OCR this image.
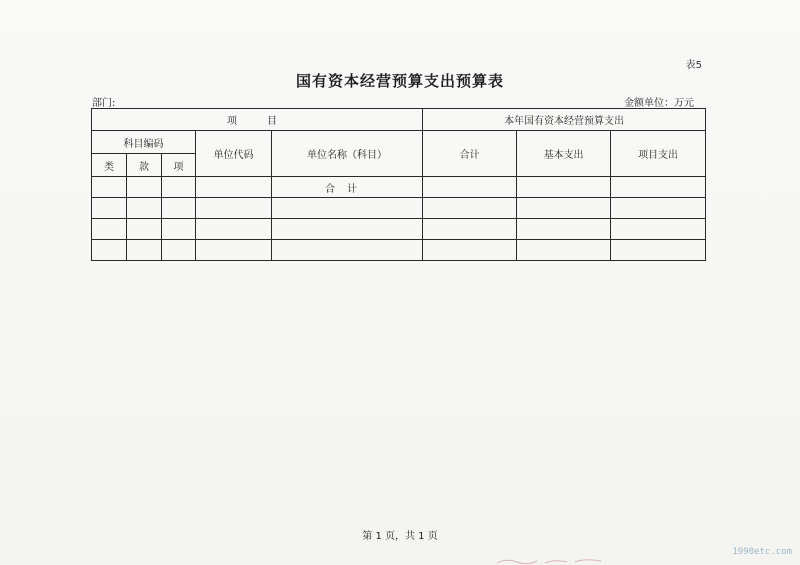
表5
国有资本经营预算支出预算表
部门:	金额单位：万元
项　目					本年国有资本经营预算支出		
科目编码			单位代码	单位名称（科目）	合计	基本支出	项目支出
类	款	项					
				合计			

第 1 页，共 1 页
1990etc.com
